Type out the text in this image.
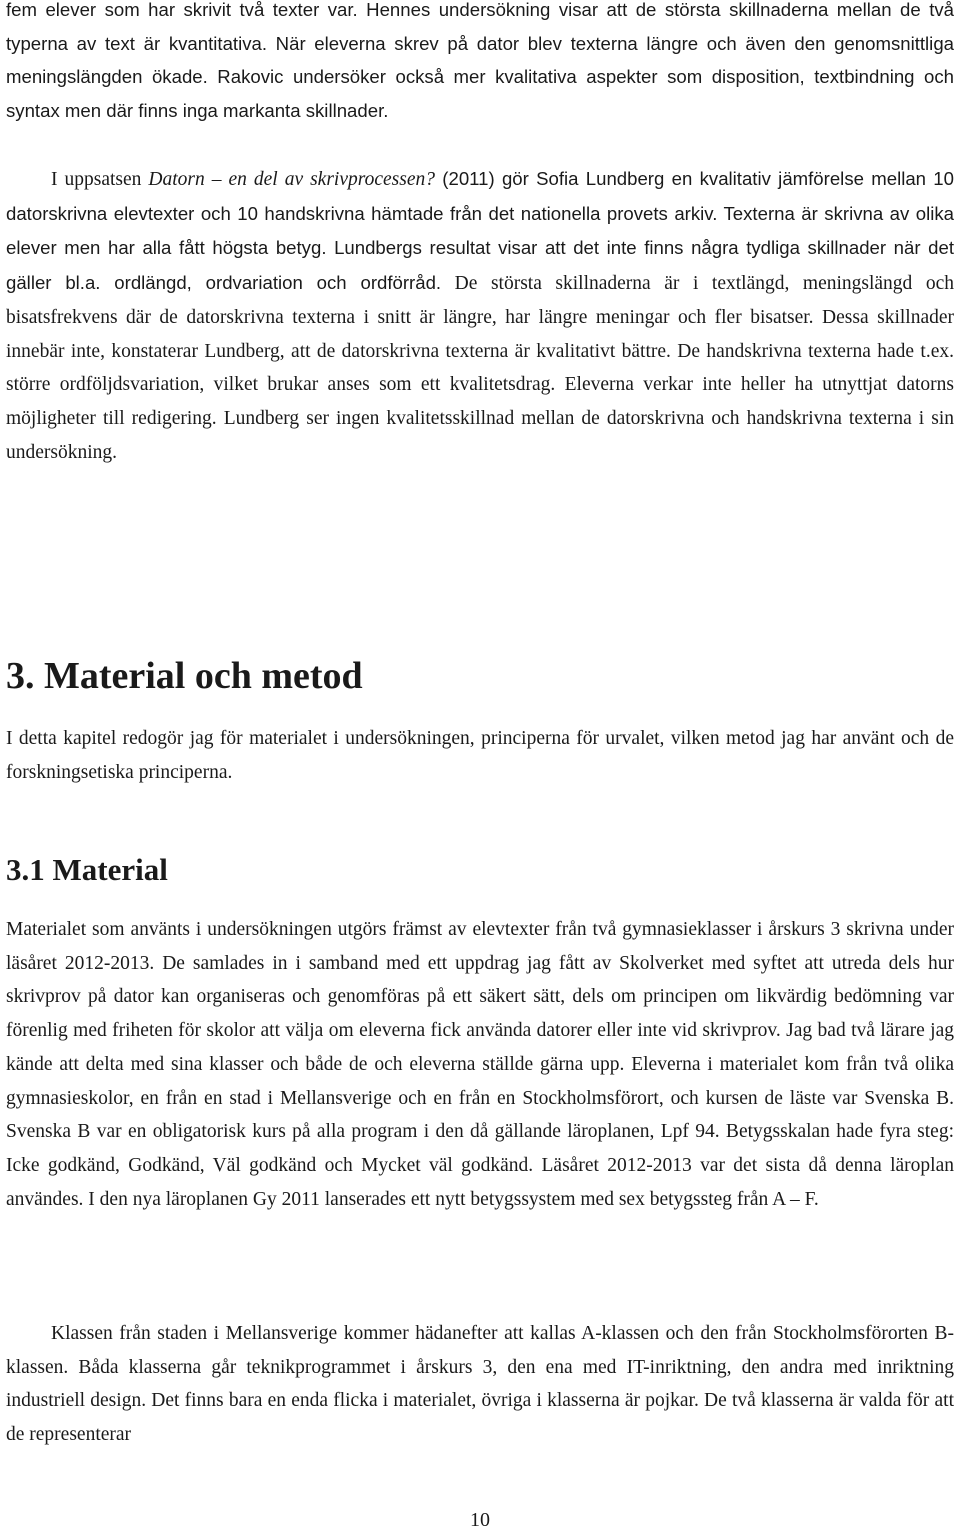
fem elever som har skrivit två texter var. Hennes undersökning visar att de största skillnaderna mellan de två typerna av text är kvantitativa. När eleverna skrev på dator blev texterna längre och även den genomsnittliga meningslängden ökade. Rakovic undersöker också mer kvalitativa aspekter som disposition, textbindning och syntax men där finns inga markanta skillnader.

I uppsatsen Datorn – en del av skrivprocessen? (2011) gör Sofia Lundberg en kvalitativ jämförelse mellan 10 datorskrivna elevtexter och 10 handskrivna hämtade från det nationella provets arkiv. Texterna är skrivna av olika elever men har alla fått högsta betyg. Lundbergs resultat visar att det inte finns några tydliga skillnader när det gäller bl.a. ordlängd, ordvariation och ordförråd. De största skillnaderna är i textlängd, meningslängd och bisatsfrekvens där de datorskrivna texterna i snitt är längre, har längre meningar och fler bisatser. Dessa skillnader innebär inte, konstaterar Lundberg, att de datorskrivna texterna är kvalitativt bättre. De handskrivna texterna hade t.ex. större ordföljdsvariation, vilket brukar anses som ett kvalitetsdrag. Eleverna verkar inte heller ha utnyttjat datorns möjligheter till redigering. Lundberg ser ingen kvalitetsskillnad mellan de datorskrivna och handskrivna texterna i sin undersökning.

3. Material och metod

I detta kapitel redogör jag för materialet i undersökningen, principerna för urvalet, vilken metod jag har använt och de forskningsetiska principerna.

3.1 Material

Materialet som använts i undersökningen utgörs främst av elevtexter från två gymnasieklasser i årskurs 3 skrivna under läsåret 2012-2013. De samlades in i samband med ett uppdrag jag fått av Skolverket med syftet att utreda dels hur skrivprov på dator kan organiseras och genomföras på ett säkert sätt, dels om principen om likvärdig bedömning var förenlig med friheten för skolor att välja om eleverna fick använda datorer eller inte vid skrivprov. Jag bad två lärare jag kände att delta med sina klasser och både de och eleverna ställde gärna upp. Eleverna i materialet kom från två olika gymnasieskolor, en från en stad i Mellansverige och en från en Stockholmsförort, och kursen de läste var Svenska B. Svenska B var en obligatorisk kurs på alla program i den då gällande läroplanen, Lpf 94. Betygsskalan hade fyra steg: Icke godkänd, Godkänd, Väl godkänd och Mycket väl godkänd. Läsåret 2012-2013 var det sista då denna läroplan användes. I den nya läroplanen Gy 2011 lanserades ett nytt betygssystem med sex betygssteg från A – F.

Klassen från staden i Mellansverige kommer hädanefter att kallas A-klassen och den från Stockholmsförorten B-klassen. Båda klasserna går teknikprogrammet i årskurs 3, den ena med IT-inriktning, den andra med inriktning industriell design. Det finns bara en enda flicka i materialet, övriga i klasserna är pojkar. De två klasserna är valda för att de representerar

10
